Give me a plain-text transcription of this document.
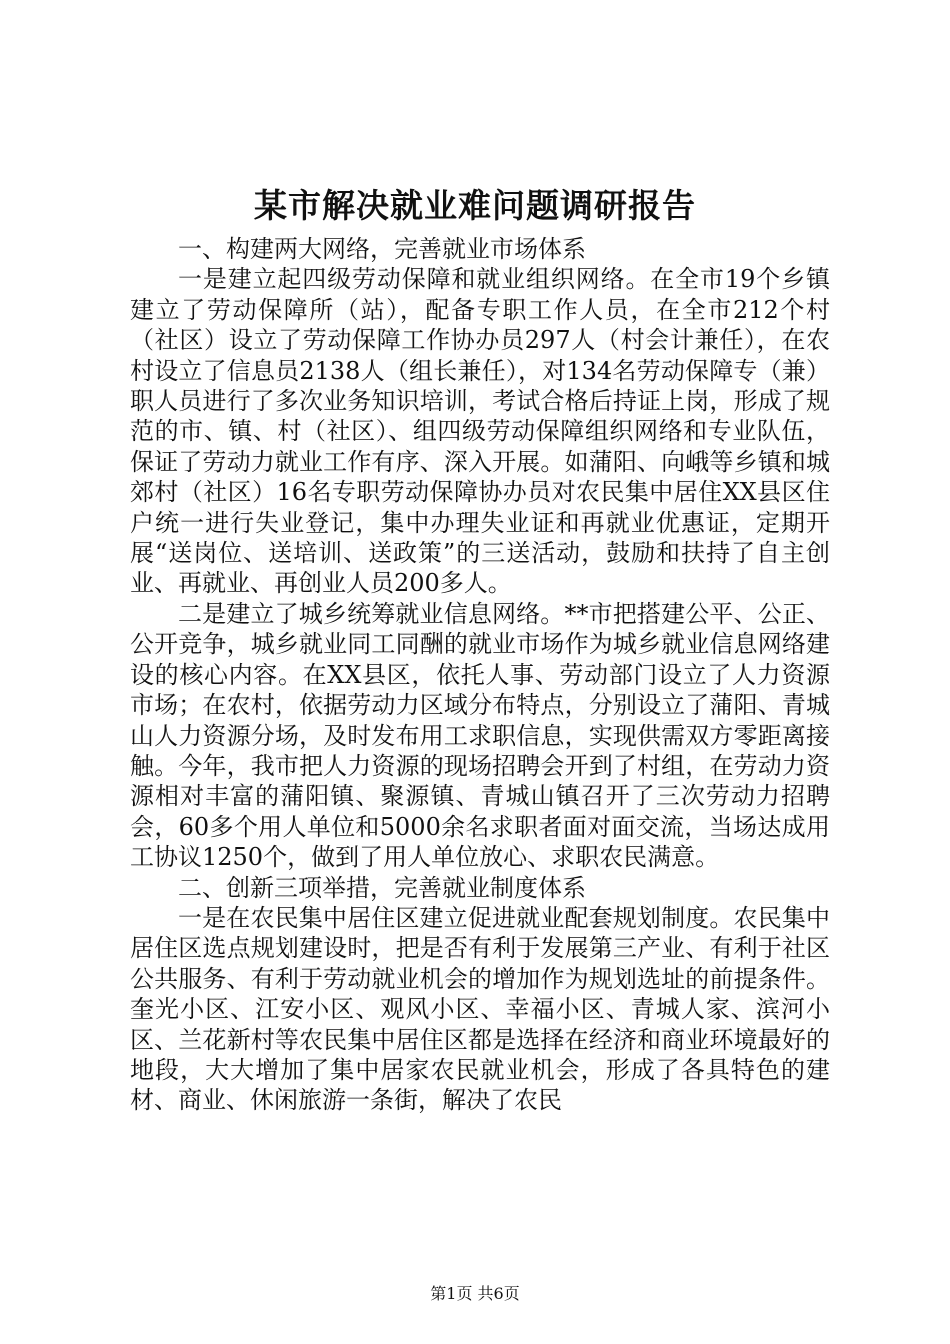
某市解决就业难问题调研报告

一、构建两大网络，完善就业市场体系

一是建立起四级劳动保障和就业组织网络。在全市19个乡镇建立了劳动保障所（站），配备专职工作人员，在全市212个村（社区）设立了劳动保障工作协办员297人（村会计兼任），在农村设立了信息员2138人（组长兼任），对134名劳动保障专（兼）职人员进行了多次业务知识培训，考试合格后持证上岗，形成了规范的市、镇、村（社区）、组四级劳动保障组织网络和专业队伍，保证了劳动力就业工作有序、深入开展。如蒲阳、向峨等乡镇和城郊村（社区）16名专职劳动保障协办员对农民集中居住XX县区住户统一进行失业登记，集中办理失业证和再就业优惠证，定期开展“送岗位、送培训、送政策”的三送活动，鼓励和扶持了自主创业、再就业、再创业人员200多人。

二是建立了城乡统筹就业信息网络。**市把搭建公平、公正、公开竞争，城乡就业同工同酬的就业市场作为城乡就业信息网络建设的核心内容。在XX县区，依托人事、劳动部门设立了人力资源市场；在农村，依据劳动力区域分布特点，分别设立了蒲阳、青城山人力资源分场，及时发布用工求职信息，实现供需双方零距离接触。今年，我市把人力资源的现场招聘会开到了村组，在劳动力资源相对丰富的蒲阳镇、聚源镇、青城山镇召开了三次劳动力招聘会，60多个用人单位和5000余名求职者面对面交流，当场达成用工协议1250个，做到了用人单位放心、求职农民满意。

二、创新三项举措，完善就业制度体系

一是在农民集中居住区建立促进就业配套规划制度。农民集中居住区选点规划建设时，把是否有利于发展第三产业、有利于社区公共服务、有利于劳动就业机会的增加作为规划选址的前提条件。奎光小区、江安小区、观风小区、幸福小区、青城人家、滨河小区、兰花新村等农民集中居住区都是选择在经济和商业环境最好的地段，大大增加了集中居家农民就业机会，形成了各具特色的建材、商业、休闲旅游一条街，解决了农民

第1页 共6页
